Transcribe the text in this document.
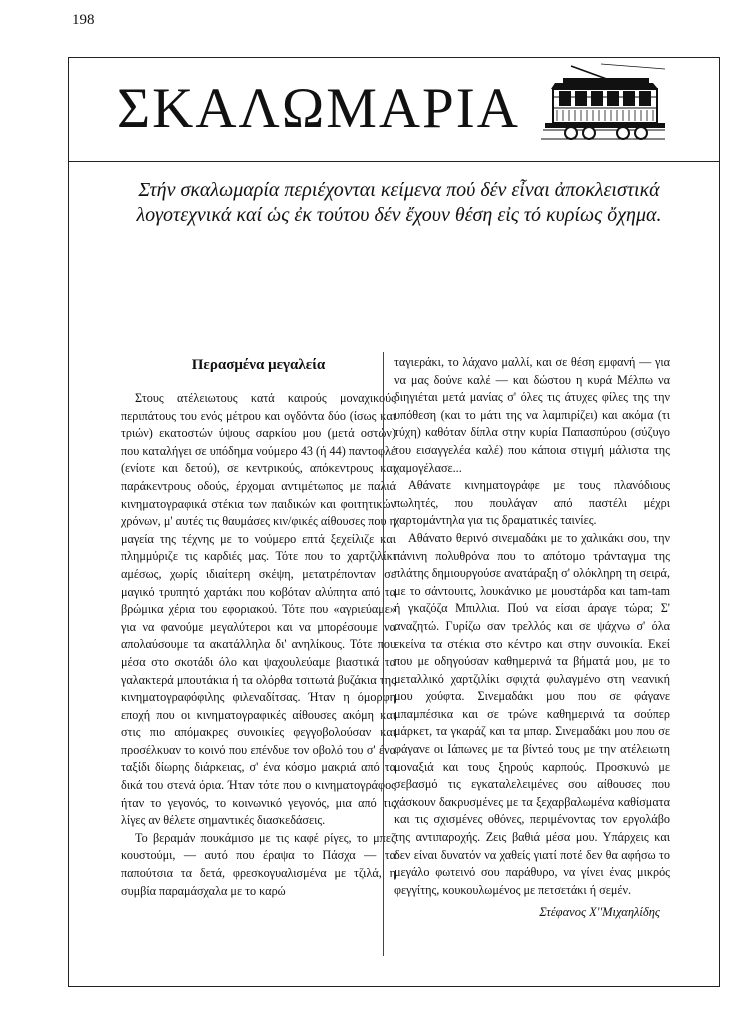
198
ΣΚΑΛΩΜΑΡΙΑ
Στήν σκαλωμαρία περιέχονται κείμενα πού δέν εἶναι ἀποκλειστικά
λογοτεχνικά καί ὡς ἐκ τούτου δέν ἔχουν θέση εἰς τό κυρίως ὄχημα.
Περασμένα μεγαλεία

Στους ατέλειωτους κατά καιρούς μοναχικούς περιπάτους του ενός μέτρου και ογδόντα δύο (ίσως και τριών) εκατοστών ύψους σαρκίου μου (μετά οστών) που καταλήγει σε υπόδημα νούμερο 43 (ή 44) παντοφλέ (ενίοτε και δετού), σε κεντρικούς, απόκεντρους και παράκεντρους οδούς, έρχομαι αντιμέτωπος με παλιά κινηματογραφικά στέκια των παιδικών και φοιτητικών χρόνων, μ' αυτές τις θαυμάσες κιν/φικές αίθουσες που η μαγεία της τέχνης με το νούμερο επτά ξεχείλιζε και πλημμύριζε τις καρδιές μας. Τότε που το χαρτζιλίκι αμέσως, χωρίς ιδιαίτερη σκέψη, μετατρέπονταν σε μαγικό τρυπητό χαρτάκι που κοβόταν αλύπητα από τα βρώμικα χέρια του εφοριακού. Τότε που «αγριεύαμε» για να φανούμε μεγαλύτεροι και να μπορέσουμε να απολαύσουμε τα ακατάλληλα δι' ανηλίκους. Τότε που μέσα στο σκοτάδι όλο και ψαχουλεύαμε βιαστικά τα γαλακτερά μπουτάκια ή τα ολόρθα τσιτωτά βυζάκια της κινηματογραφόφιλης φιλεναδίτσας. Ήταν η όμορφη εποχή που οι κινηματογραφικές αίθουσες ακόμη και στις πιο απόμακρες συνοικίες φεγγοβολούσαν και προσέλκυαν το κοινό που επένδυε τον οβολό του σ' ένα ταξίδι δίωρης διάρκειας, σ' ένα κόσμο μακριά από τα δικά του στενά όρια. Ήταν τότε που ο κινηματογράφος ήταν το γεγονός, το κοινωνικό γεγονός, μια από τις λίγες αν θέλετε σημαντικές διασκεδάσεις.

Το βεραμάν πουκάμισο με τις καφέ ρίγες, το μπεζ κουστούμι, — αυτό που έραψα το Πάσχα — τα παπούτσια τα δετά, φρεσκογυαλισμένα με τζιλά, η συμβία παραμάσχαλα με το καρώ

ταγιεράκι, το λάχανο μαλλί, και σε θέση εμφανή — για να μας δούνε καλέ — και δώστου η κυρά Μέλπω να διηγιέται μετά μανίας σ' όλες τις άτυχες φίλες της την υπόθεση (και το μάτι της να λαμπιρίζει) και ακόμα (τι τύχη) καθόταν δίπλα στην κυρία Παπασπύρου (σύζυγο του εισαγγελέα καλέ) που κάποια στιγμή μάλιστα της χαμογέλασε...

Αθάνατε κινηματογράφε με τους πλανόδιους πωλητές, που πουλάγαν από παστέλι μέχρι χαρτομάντηλα για τις δραματικές ταινίες.

Αθάνατο θερινό σινεμαδάκι με το χαλικάκι σου, την πάνινη πολυθρόνα που το απότομο τράνταγμα της πλάτης δημιουργούσε ανατάραξη σ' ολόκληρη τη σειρά, με το σάντουιτς, λουκάνικο με μουστάρδα και tam-tam ή γκαζόζα Μπιλλια. Πού να είσαι άραγε τώρα; Σ' αναζητώ. Γυρίζω σαν τρελλός και σε ψάχνω σ' όλα εκείνα τα στέκια στο κέντρο και στην συνοικία. Εκεί που με οδηγούσαν καθημερινά τα βήματά μου, με το μεταλλικό χαρτζιλίκι σφιχτά φυλαγμένο στη νεανική μου χούφτα. Σινεμαδάκι μου που σε φάγανε μπαμπέσικα και σε τρώνε καθημερινά τα σούπερ μάρκετ, τα γκαράζ και τα μπαρ. Σινεμαδάκι μου που σε φάγανε οι Ιάπωνες με τα βίντεό τους με την ατέλειωτη μοναξιά και τους ξηρούς καρπούς. Προσκυνώ με σεβασμό τις εγκαταλελειμένες σου αίθουσες που χάσκουν δακρυσμένες με τα ξεχαρβαλωμένα καθίσματα και τις σχισμένες οθόνες, περιμένοντας τον εργολάβο της αντιπαροχής. Ζεις βαθιά μέσα μου. Υπάρχεις και δεν είναι δυνατόν να χαθείς γιατί ποτέ δεν θα αφήσω το μεγάλο φωτεινό σου παράθυρο, να γίνει ένας μικρός φεγγίτης, κουκουλωμένος με πετσετάκι ή σεμέν.

Στέφανος Χ''Μιχαηλίδης
